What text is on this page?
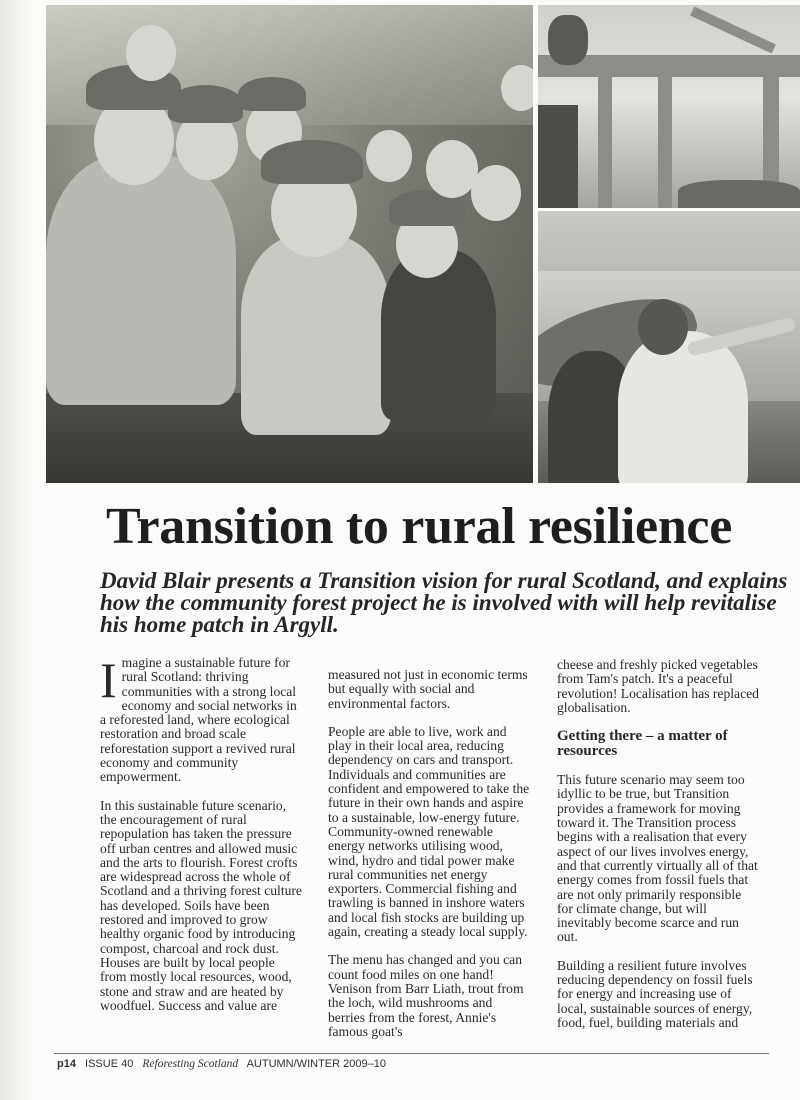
Transition to rural resilience

David Blair presents a Transition vision for rural Scotland, and explains how the community forest project he is involved with will help revitalise his home patch in Argyll.

Imagine a sustainable future for rural Scotland: thriving communities with a strong local economy and social networks in a reforested land, where ecological restoration and broad scale reforestation support a revived rural economy and community empowerment.

In this sustainable future scenario, the encouragement of rural repopulation has taken the pressure off urban centres and allowed music and the arts to flourish. Forest crofts are widespread across the whole of Scotland and a thriving forest culture has developed. Soils have been restored and improved to grow healthy organic food by introducing compost, charcoal and rock dust. Houses are built by local people from mostly local resources, wood, stone and straw and are heated by woodfuel. Success and value are

measured not just in economic terms but equally with social and environmental factors.

People are able to live, work and play in their local area, reducing dependency on cars and transport. Individuals and communities are confident and empowered to take the future in their own hands and aspire to a sustainable, low-energy future. Community-owned renewable energy networks utilising wood, wind, hydro and tidal power make rural communities net energy exporters. Commercial fishing and trawling is banned in inshore waters and local fish stocks are building up again, creating a steady local supply.

The menu has changed and you can count food miles on one hand! Venison from Barr Liath, trout from the loch, wild mushrooms and berries from the forest, Annie's famous goat's

cheese and freshly picked vegetables from Tam's patch. It's a peaceful revolution! Localisation has replaced globalisation.

Getting there – a matter of resources

This future scenario may seem too idyllic to be true, but Transition provides a framework for moving toward it. The Transition process begins with a realisation that every aspect of our lives involves energy, and that currently virtually all of that energy comes from fossil fuels that are not only primarily responsible for climate change, but will inevitably become scarce and run out.

Building a resilient future involves reducing dependency on fossil fuels for energy and increasing use of local, sustainable sources of energy, food, fuel, building materials and

p14 ISSUE 40 Reforesting Scotland AUTUMN/WINTER 2009–10
